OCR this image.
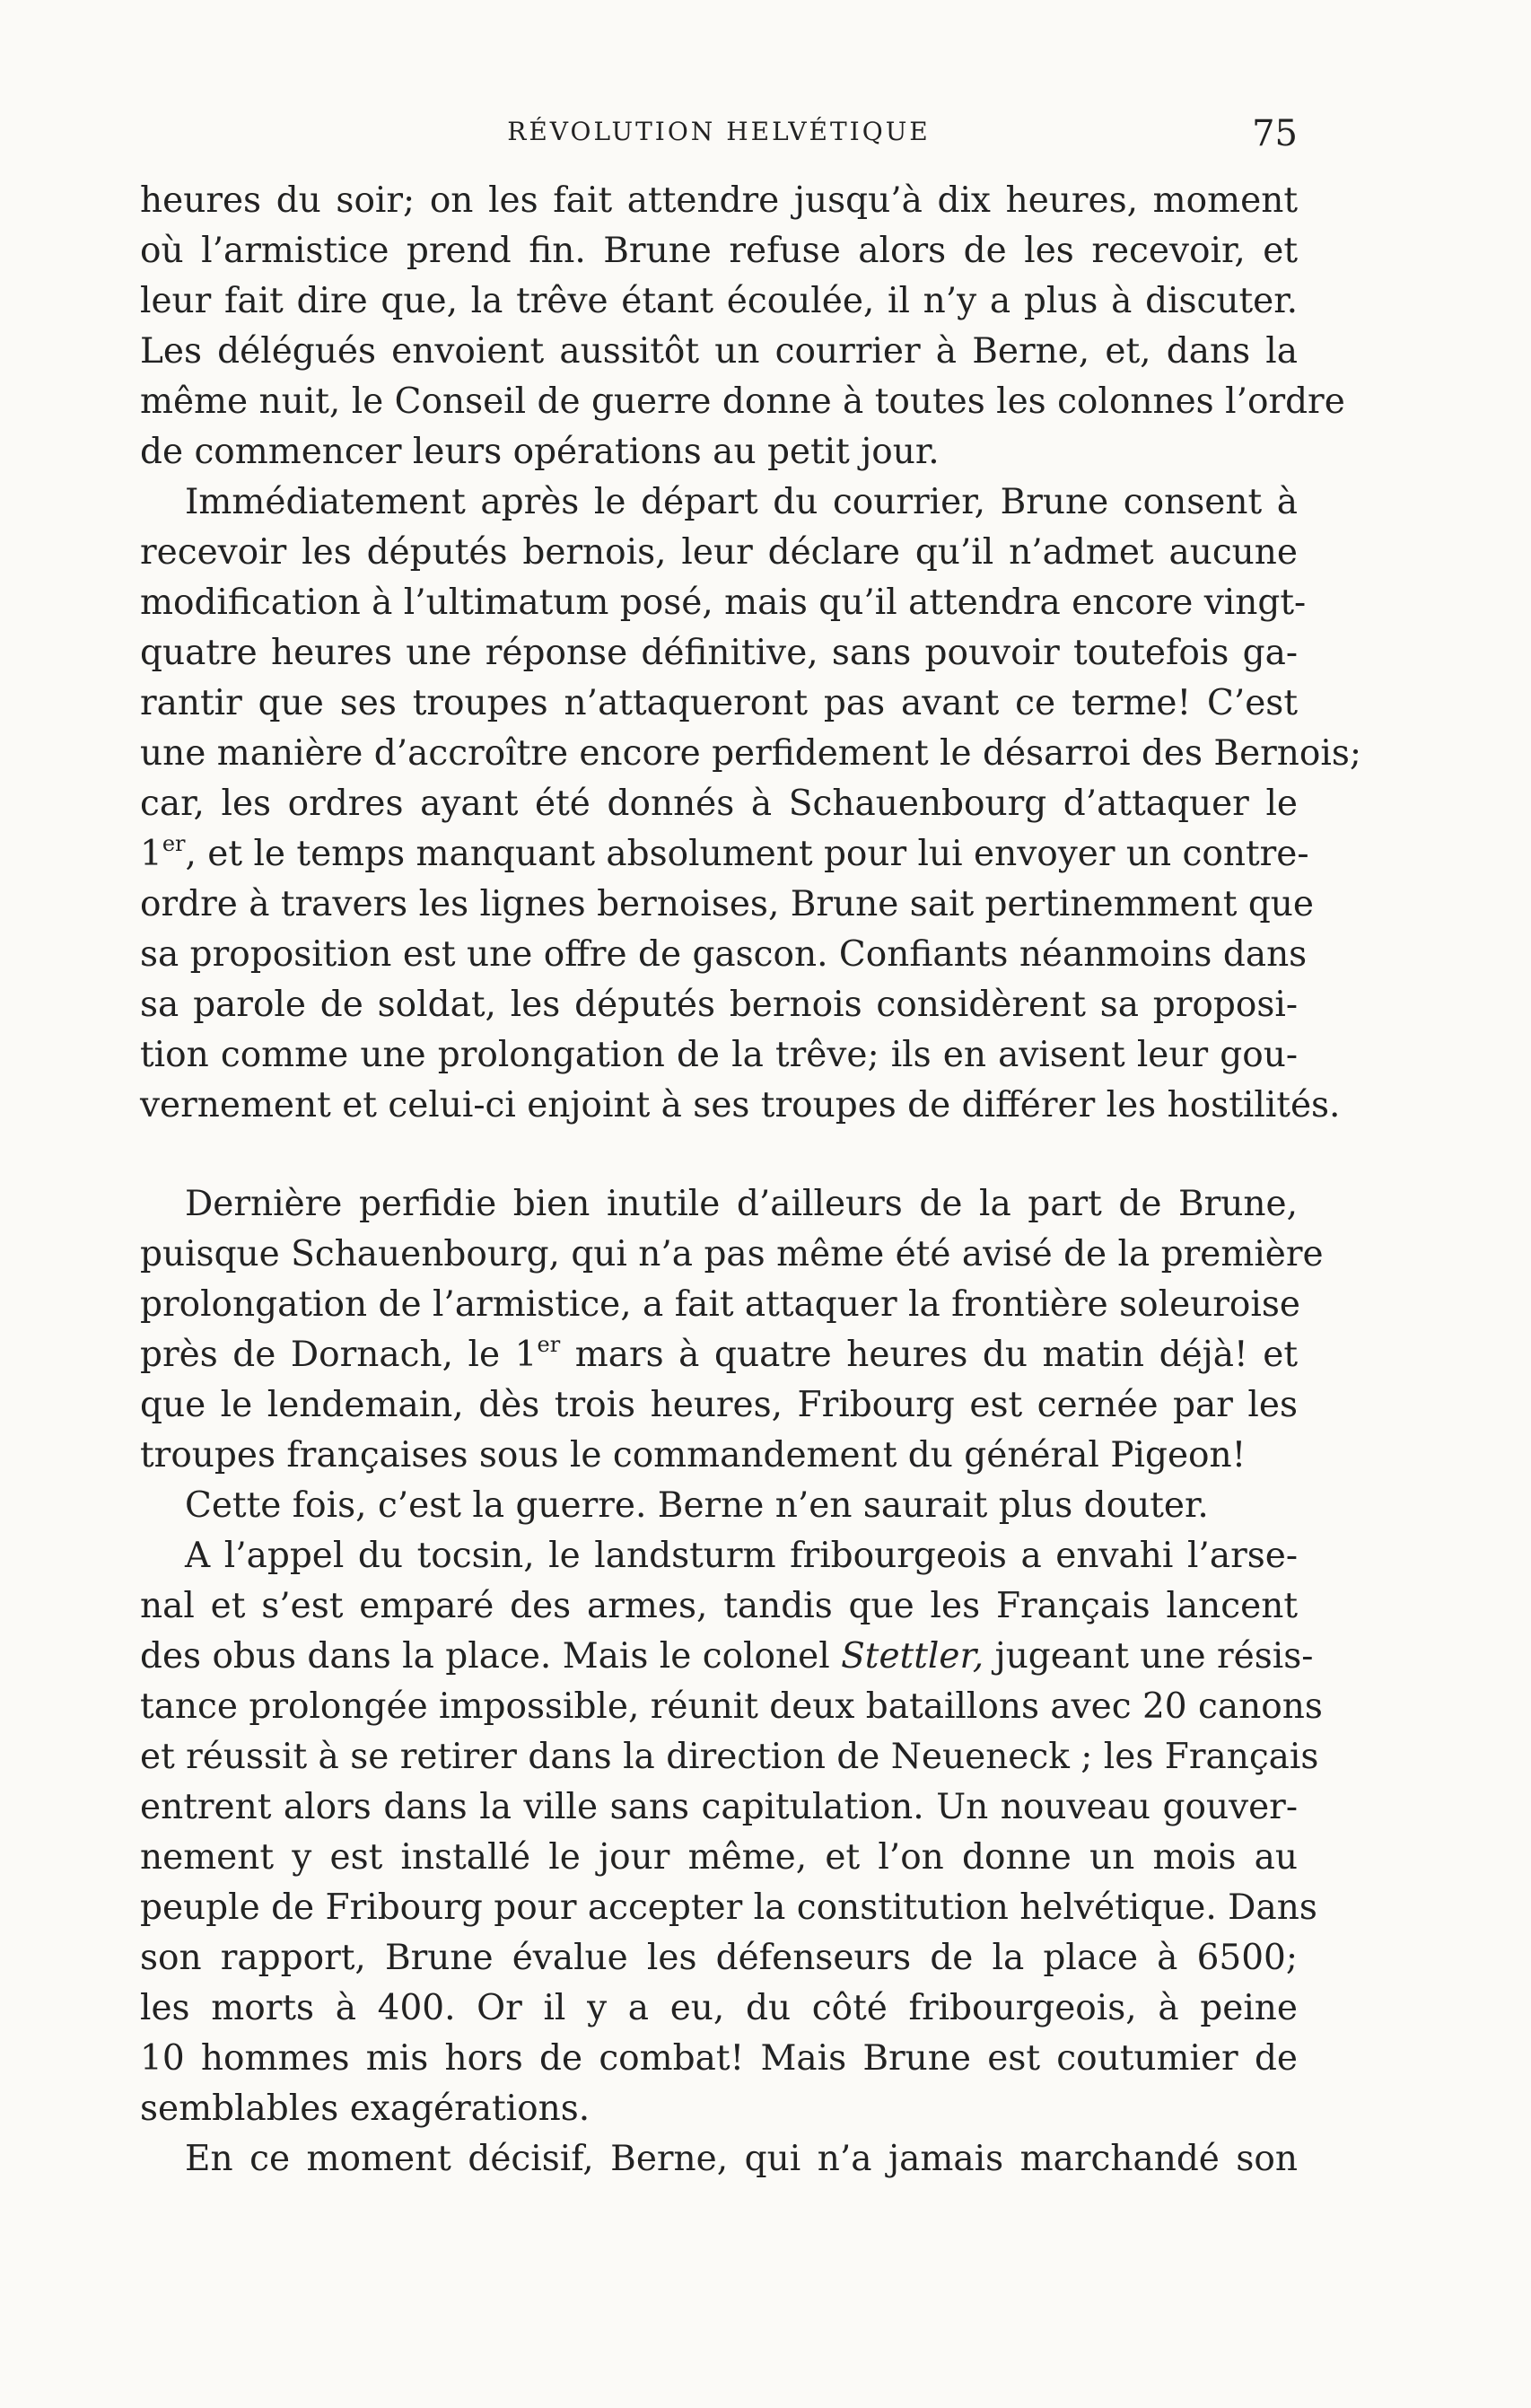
RÉVOLUTION HELVÉTIQUE	75
heures du soir; on les fait attendre jusqu’à dix heures, moment
où l’armistice prend fin. Brune refuse alors de les recevoir, et
leur fait dire que, la trêve étant écoulée, il n’y a plus à discuter.
Les délégués envoient aussitôt un courrier à Berne, et, dans la
même nuit, le Conseil de guerre donne à toutes les colonnes l’ordre
de commencer leurs opérations au petit jour.
Immédiatement après le départ du courrier, Brune consent à
recevoir les députés bernois, leur déclare qu’il n’admet aucune
modification à l’ultimatum posé, mais qu’il attendra encore vingt-
quatre heures une réponse définitive, sans pouvoir toutefois ga-
rantir que ses troupes n’attaqueront pas avant ce terme! C’est
une manière d’accroître encore perfidement le désarroi des Bernois;
car, les ordres ayant été donnés à Schauenbourg d’attaquer le
1er, et le temps manquant absolument pour lui envoyer un contre-
ordre à travers les lignes bernoises, Brune sait pertinemment que
sa proposition est une offre de gascon. Confiants néanmoins dans
sa parole de soldat, les députés bernois considèrent sa proposi-
tion comme une prolongation de la trêve; ils en avisent leur gou-
vernement et celui-ci enjoint à ses troupes de différer les hostilités.
Dernière perfidie bien inutile d’ailleurs de la part de Brune,
puisque Schauenbourg, qui n’a pas même été avisé de la première
prolongation de l’armistice, a fait attaquer la frontière soleuroise
près de Dornach, le 1er mars à quatre heures du matin déjà! et
que le lendemain, dès trois heures, Fribourg est cernée par les
troupes françaises sous le commandement du général Pigeon!
Cette fois, c’est la guerre. Berne n’en saurait plus douter.
A l’appel du tocsin, le landsturm fribourgeois a envahi l’arse-
nal et s’est emparé des armes, tandis que les Français lancent
des obus dans la place. Mais le colonel Stettler, jugeant une résis-
tance prolongée impossible, réunit deux bataillons avec 20 canons
et réussit à se retirer dans la direction de Neueneck ; les Français
entrent alors dans la ville sans capitulation. Un nouveau gouver-
nement y est installé le jour même, et l’on donne un mois au
peuple de Fribourg pour accepter la constitution helvétique. Dans
son rapport, Brune évalue les défenseurs de la place à 6500;
les morts à 400. Or il y a eu, du côté fribourgeois, à peine
10 hommes mis hors de combat! Mais Brune est coutumier de
semblables exagérations.
En ce moment décisif, Berne, qui n’a jamais marchandé son
